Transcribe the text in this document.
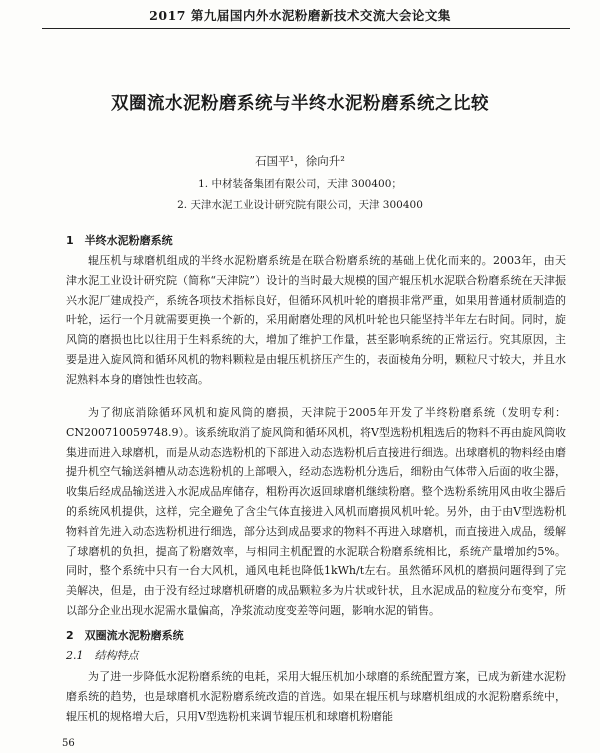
2017 第九届国内外水泥粉磨新技术交流大会论文集
双圈流水泥粉磨系统与半终水泥粉磨系统之比较
石国平¹，徐向升²
1. 中材装备集团有限公司，天津 300400；
2. 天津水泥工业设计研究院有限公司，天津 300400
1　半终水泥粉磨系统

辊压机与球磨机组成的半终水泥粉磨系统是在联合粉磨系统的基础上优化而来的。2003年，由天津水泥工业设计研究院（简称“天津院”）设计的当时最大规模的国产辊压机水泥联合粉磨系统在天津振兴水泥厂建成投产，系统各项技术指标良好，但循环风机叶轮的磨损非常严重，如果用普通材质制造的叶轮，运行一个月就需要更换一个新的，采用耐磨处理的风机叶轮也只能坚持半年左右时间。同时，旋风筒的磨损也比以往用于生料系统的大，增加了维护工作量，甚至影响系统的正常运行。究其原因，主要是进入旋风筒和循环风机的物料颗粒是由辊压机挤压产生的，表面棱角分明，颗粒尺寸较大，并且水泥熟料本身的磨蚀性也较高。

为了彻底消除循环风机和旋风筒的磨损，天津院于2005年开发了半终粉磨系统（发明专利：CN200710059748.9）。该系统取消了旋风筒和循环风机，将V型选粉机粗选后的物料不再由旋风筒收集进而进入球磨机，而是从动态选粉机的下部进入动态选粉机后直接进行细选。出球磨机的物料经由磨提升机空气输送斜槽从动态选粉机的上部喂入，经动态选粉机分选后，细粉由气体带入后面的收尘器，收集后经成品输送进入水泥成品库储存，粗粉再次返回球磨机继续粉磨。整个选粉系统用风由收尘器后的系统风机提供，这样，完全避免了含尘气体直接进入风机而磨损风机叶轮。另外，由于由V型选粉机物料首先进入动态选粉机进行细选，部分达到成品要求的物料不再进入球磨机，而直接进入成品，缓解了球磨机的负担，提高了粉磨效率，与相同主机配置的水泥联合粉磨系统相比，系统产量增加约5%。同时，整个系统中只有一台大风机，通风电耗也降低1kWh/t左右。虽然循环风机的磨损问题得到了完美解决，但是，由于没有经过球磨机研磨的成品颗粒多为片状或针状，且水泥成品的粒度分布变窄，所以部分企业出现水泥需水量偏高，净浆流动度变差等问题，影响水泥的销售。

2　双圈流水泥粉磨系统
2.1　结构特点

为了进一步降低水泥粉磨系统的电耗，采用大辊压机加小球磨的系统配置方案，已成为新建水泥粉磨系统的趋势，也是球磨机水泥粉磨系统改造的首选。如果在辊压机与球磨机组成的水泥粉磨系统中，辊压机的规格增大后，只用V型选粉机来调节辊压机和球磨机粉磨能

56
